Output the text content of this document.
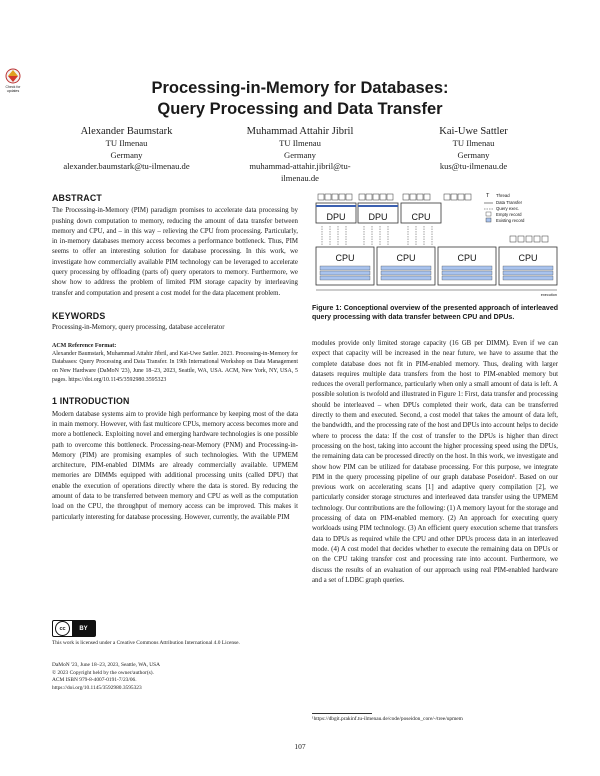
Check for updates	Processing-in-Memory for Databases:
Query Processing and Data Transfer
Alexander Baumstark
TU Ilmenau
Germany
alexander.baumstark@tu-ilmenau.de
Muhammad Attahir Jibril
TU Ilmenau
Germany
muhammad-attahir.jibril@tu-
ilmenau.de
Kai-Uwe Sattler
TU Ilmenau
Germany
kus@tu-ilmenau.de
ABSTRACT

The Processing-in-Memory (PIM) paradigm promises to accelerate data processing by pushing down computation to memory, reducing the amount of data transfer between memory and CPU, and – in this way – relieving the CPU from processing. Particularly, in in-memory databases memory access becomes a performance bottleneck. Thus, PIM seems to offer an interesting solution for database processing. In this work, we investigate how commercially available PIM technology can be leveraged to accelerate query processing by offloading (parts of) query operators to memory. Furthermore, we show how to address the problem of limited PIM storage capacity by interleaving transfer and computation and present a cost model for the data placement problem.

KEYWORDS

Processing-in-Memory, query processing, database accelerator

ACM Reference Format:

Alexander Baumstark, Muhammad Attahir Jibril, and Kai-Uwe Sattler. 2023. Processing-in-Memory for Databases: Query Processing and Data Transfer. In 19th International Workshop on Data Management on New Hardware (DaMoN '23), June 18–23, 2023, Seattle, WA, USA. ACM, New York, NY, USA, 5 pages. https://doi.org/10.1145/3592980.3595323

1 INTRODUCTION

Modern database systems aim to provide high performance by keeping most of the data in main memory. However, with fast multicore CPUs, memory access becomes more and more a bottleneck. Exploiting novel and emerging hardware technologies is one possible path to overcome this bottleneck. Processing-near-Memory (PNM) and Processing-in-Memory (PIM) are promising examples of such technologies. With the UPMEM architecture, PIM-enabled DIMMs are already commercially available. UPMEM memories are DIMMs equipped with additional processing units (called DPU) that enable the execution of operations directly where the data is stored. By reducing the amount of data to be transferred between memory and CPU as well as the computation load on the CPU, the throughput of memory access can be improved. This makes it particularly interesting for database processing. However, currently, the available PIM

cc	BY
This work is licensed under a Creative Commons Attribution International 4.0 License.
DaMoN '23, June 18–23, 2023, Seattle, WA, USA
© 2023 Copyright held by the owner/author(s).
ACM ISBN 979-8-4007-0191-7/23/06.
https://doi.org/10.1145/3592980.3595323
DPU	DPU	CPU
T Thread
Data Transfer
Query exec.
Empty record
Existing record
CPU	CPU	CPU	CPU
execution
Figure 1: Conceptional overview of the presented approach of interleaved query processing with data transfer between CPU and DPUs.

modules provide only limited storage capacity (16 GB per DIMM). Even if we can expect that capacity will be increased in the near future, we have to assume that the complete database does not fit in PIM-enabled memory. Thus, dealing with larger datasets requires multiple data transfers from the host to PIM-enabled memory but reduces the overall performance, particularly when only a small amount of data is left. A possible solution is twofold and illustrated in Figure 1: First, data transfer and processing should be interleaved – when DPUs completed their work, data can be transferred directly to them and executed. Second, a cost model that takes the amount of data left, the bandwidth, and the processing rate of the host and DPUs into account helps to decide where to process the data: If the cost of transfer to the DPUs is higher than direct processing on the host, taking into account the higher processing speed using the DPUs, the remaining data can be processed directly on the host. In this work, we investigate and show how PIM can be utilized for database processing. For this purpose, we integrate PIM in the query processing pipeline of our graph database Poseidon¹. Based on our previous work on accelerating scans [1] and adaptive query compilation [2], we particularly consider storage structures and interleaved data transfer using the UPMEM technology. Our contributions are the following: (1) A memory layout for the storage and processing of data on PIM-enabled memory. (2) An approach for executing query workloads using PIM technology. (3) An efficient query execution scheme that transfers data to DPUs as required while the CPU and other DPUs process data in an interleaved mode. (4) A cost model that decides whether to execute the remaining data on DPUs or on the CPU taking transfer cost and processing rate into account. Furthermore, we discuss the results of an evaluation of our approach using real PIM-enabled hardware and a set of LDBC graph queries.

¹https://dbgit.prakinf.tu-ilmenau.de/code/poseidon_core/-/tree/upmem
107
